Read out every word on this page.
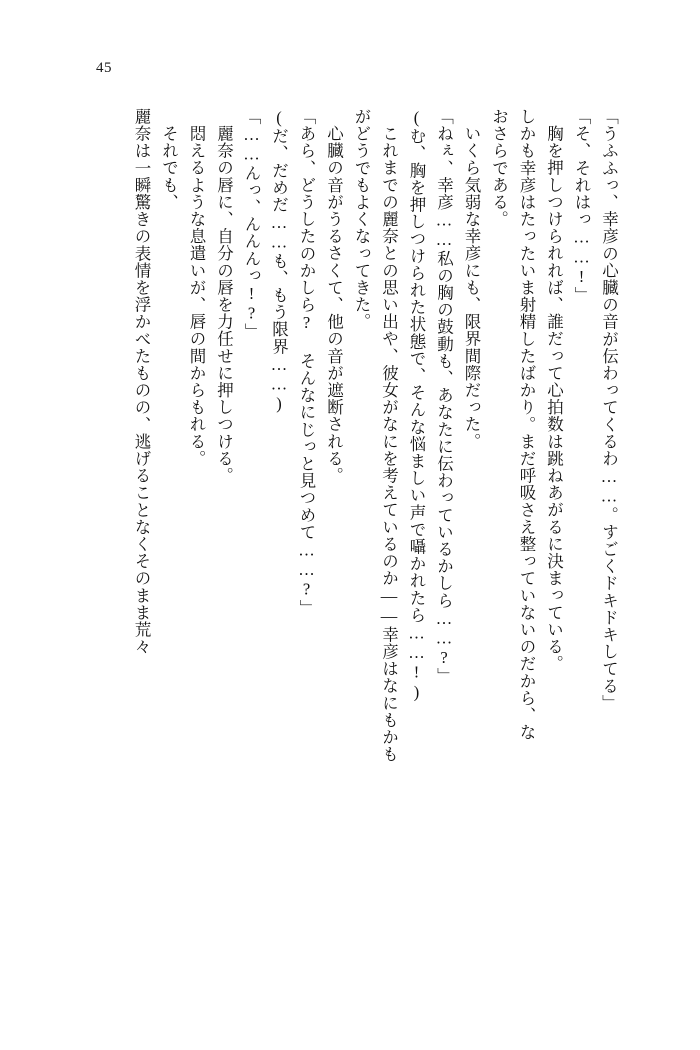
45
「うふふっ、幸彦の心臓の音が伝わってくるわ……。すごくドキドキしてる」
「そ、それはっ……!」
胸を押しつけられれば、誰だって心拍数は跳ねあがるに決まっている。
しかも幸彦はたったいま射精したばかり。まだ呼吸さえ整っていないのだから、な
おさらである。
いくら気弱な幸彦にも、限界間際だった。
「ねぇ、幸彦……私の胸の鼓動も、あなたに伝わっているかしら……?」
(む、胸を押しつけられた状態で、そんな悩ましい声で囁かれたら……!)
これまでの麗奈との思い出や、彼女がなにを考えているのか――幸彦はなにもかも
がどうでもよくなってきた。
心臓の音がうるさくて、他の音が遮断される。
「あら、どうしたのかしら? そんなにじっと見つめて……?」
(だ、だめだ……も、もう限界……)
「……んっ、んんんっ!?」
麗奈の唇に、自分の唇を力任せに押しつける。
悶えるような息遣いが、唇の間からもれる。
それでも、
麗奈は一瞬驚きの表情を浮かべたものの、逃げることなくそのまま荒々
